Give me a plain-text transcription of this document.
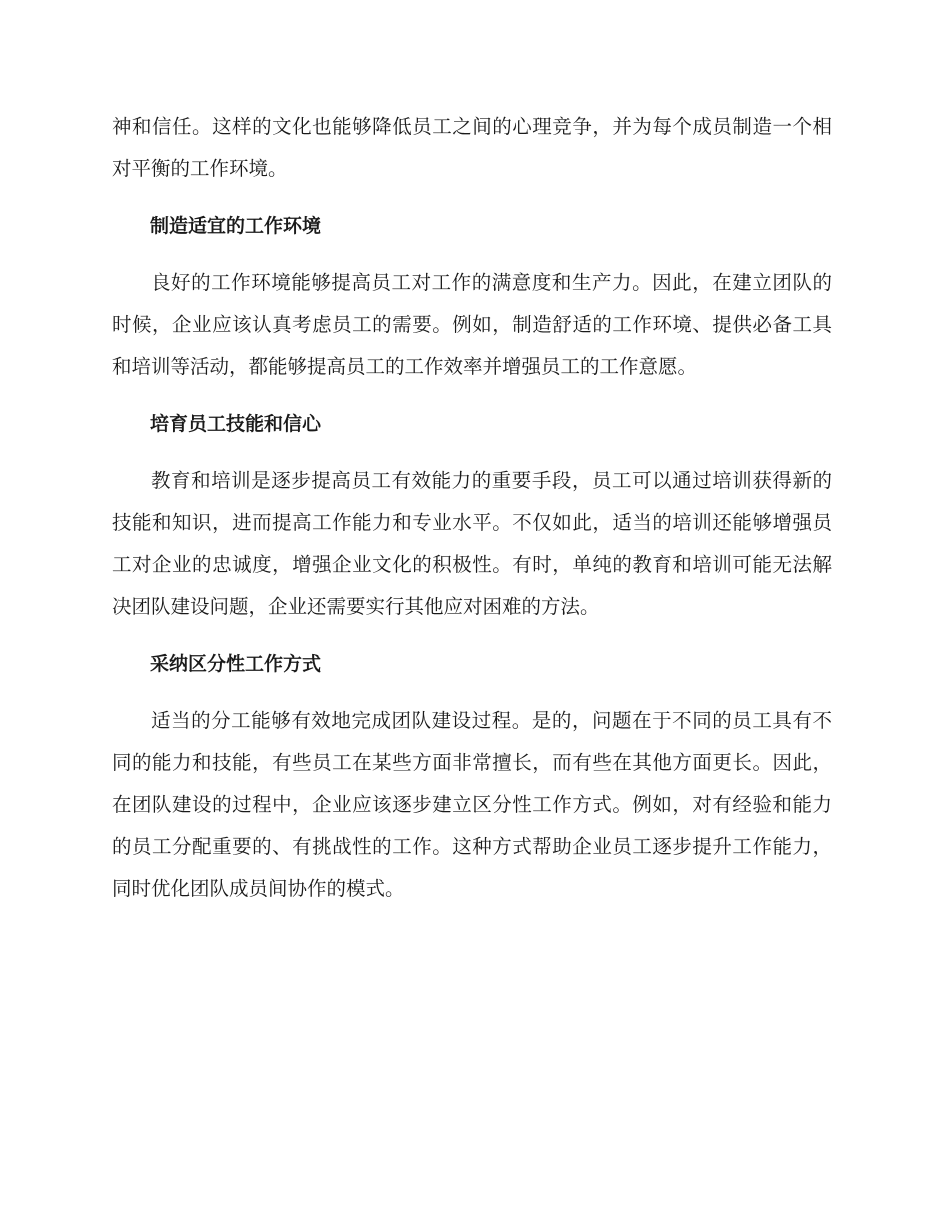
神和信任。这样的文化也能够降低员工之间的心理竞争，并为每个成员制造一个相对平衡的工作环境。

制造适宜的工作环境

良好的工作环境能够提高员工对工作的满意度和生产力。因此，在建立团队的时候，企业应该认真考虑员工的需要。例如，制造舒适的工作环境、提供必备工具和培训等活动，都能够提高员工的工作效率并增强员工的工作意愿。

培育员工技能和信心

教育和培训是逐步提高员工有效能力的重要手段，员工可以通过培训获得新的技能和知识，进而提高工作能力和专业水平。不仅如此，适当的培训还能够增强员工对企业的忠诚度，增强企业文化的积极性。有时，单纯的教育和培训可能无法解决团队建设问题，企业还需要实行其他应对困难的方法。

采纳区分性工作方式

适当的分工能够有效地完成团队建设过程。是的，问题在于不同的员工具有不同的能力和技能，有些员工在某些方面非常擅长，而有些在其他方面更长。因此，在团队建设的过程中，企业应该逐步建立区分性工作方式。例如，对有经验和能力的员工分配重要的、有挑战性的工作。这种方式帮助企业员工逐步提升工作能力，同时优化团队成员间协作的模式。
